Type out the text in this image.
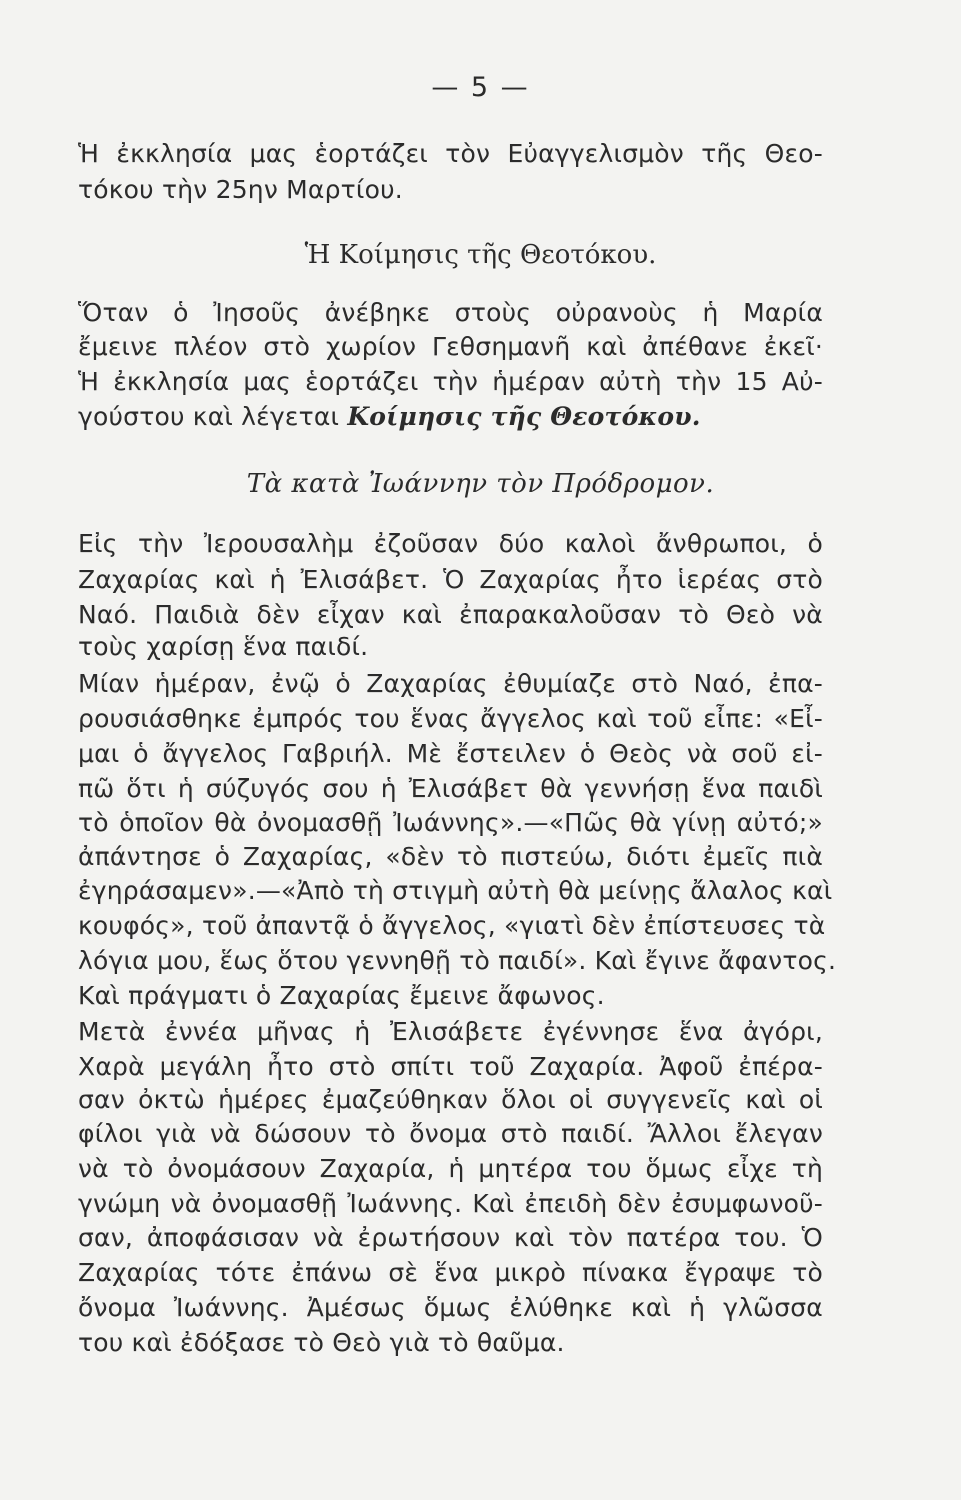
— 5 —
Ἡ ἐκκλησία μας ἑορτάζει τὸν Εὐαγγελισμὸν τῆς Θεο-
τόκου τὴν 25ην Μαρτίου.
Ἡ Κοίμησις τῆς Θεοτόκου.
Ὅταν ὁ Ἰησοῦς ἀνέβηκε στοὺς οὐρανοὺς ἡ Μαρία
ἔμεινε πλέον στὸ χωρίον Γεθσημανῆ καὶ ἀπέθανε ἐκεῖ·
Ἡ ἐκκλησία μας ἑορτάζει τὴν ἡμέραν αὐτὴ τὴν 15 Αὐ-
γούστου καὶ λέγεται Κοίμησις τῆς Θεοτόκου.
Τὰ κατὰ Ἰωάννην τὸν Πρόδρομον.
Εἰς τὴν Ἰερουσαλὴμ ἐζοῦσαν δύο καλοὶ ἄνθρωποι, ὁ
Ζαχαρίας καὶ ἡ Ἐλισάβετ. Ὁ Ζαχαρίας ἦτο ἱερέας στὸ
Ναό. Παιδιὰ δὲν εἶχαν καὶ ἐπαρακαλοῦσαν τὸ Θεὸ νὰ
τοὺς χαρίσῃ ἕνα παιδί.
Μίαν ἡμέραν, ἐνῷ ὁ Ζαχαρίας ἐθυμίαζε στὸ Ναό, ἐπα-
ρουσιάσθηκε ἐμπρός του ἕνας ἄγγελος καὶ τοῦ εἶπε: «Εἶ-
μαι ὁ ἄγγελος Γαβριήλ. Μὲ ἔστειλεν ὁ Θεὸς νὰ σοῦ εἰ-
πῶ ὅτι ἡ σύζυγός σου ἡ Ἐλισάβετ θὰ γεννήσῃ ἕνα παιδὶ
τὸ ὁποῖον θὰ ὀνομασθῇ Ἰωάννης».—«Πῶς θὰ γίνῃ αὐτό;»
ἀπάντησε ὁ Ζαχαρίας, «δὲν τὸ πιστεύω, διότι ἐμεῖς πιὰ
ἐγηράσαμεν».—«Ἀπὸ τὴ στιγμὴ αὐτὴ θὰ μείνῃς ἄλαλος καὶ
κουφός», τοῦ ἀπαντᾷ ὁ ἄγγελος, «γιατὶ δὲν ἐπίστευσες τὰ
λόγια μου, ἕως ὅτου γεννηθῇ τὸ παιδί». Καὶ ἔγινε ἄφαντος.
Καὶ πράγματι ὁ Ζαχαρίας ἔμεινε ἄφωνος.
Μετὰ ἐννέα μῆνας ἡ Ἐλισάβετε ἐγέννησε ἕνα ἀγόρι,
Χαρὰ μεγάλη ἦτο στὸ σπίτι τοῦ Ζαχαρία. Ἀφοῦ ἐπέρα-
σαν ὀκτὼ ἡμέρες ἐμαζεύθηκαν ὅλοι οἱ συγγενεῖς καὶ οἱ
φίλοι γιὰ νὰ δώσουν τὸ ὄνομα στὸ παιδί. Ἄλλοι ἔλεγαν
νὰ τὸ ὀνομάσουν Ζαχαρία, ἡ μητέρα του ὅμως εἶχε τὴ
γνώμη νὰ ὀνομασθῇ Ἰωάννης. Καὶ ἐπειδὴ δὲν ἐσυμφωνοῦ-
σαν, ἀποφάσισαν νὰ ἐρωτήσουν καὶ τὸν πατέρα του. Ὁ
Ζαχαρίας τότε ἐπάνω σὲ ἕνα μικρὸ πίνακα ἔγραψε τὸ
ὄνομα Ἰωάννης. Ἀμέσως ὅμως ἐλύθηκε καὶ ἡ γλῶσσα
του καὶ ἐδόξασε τὸ Θεὸ γιὰ τὸ θαῦμα.
